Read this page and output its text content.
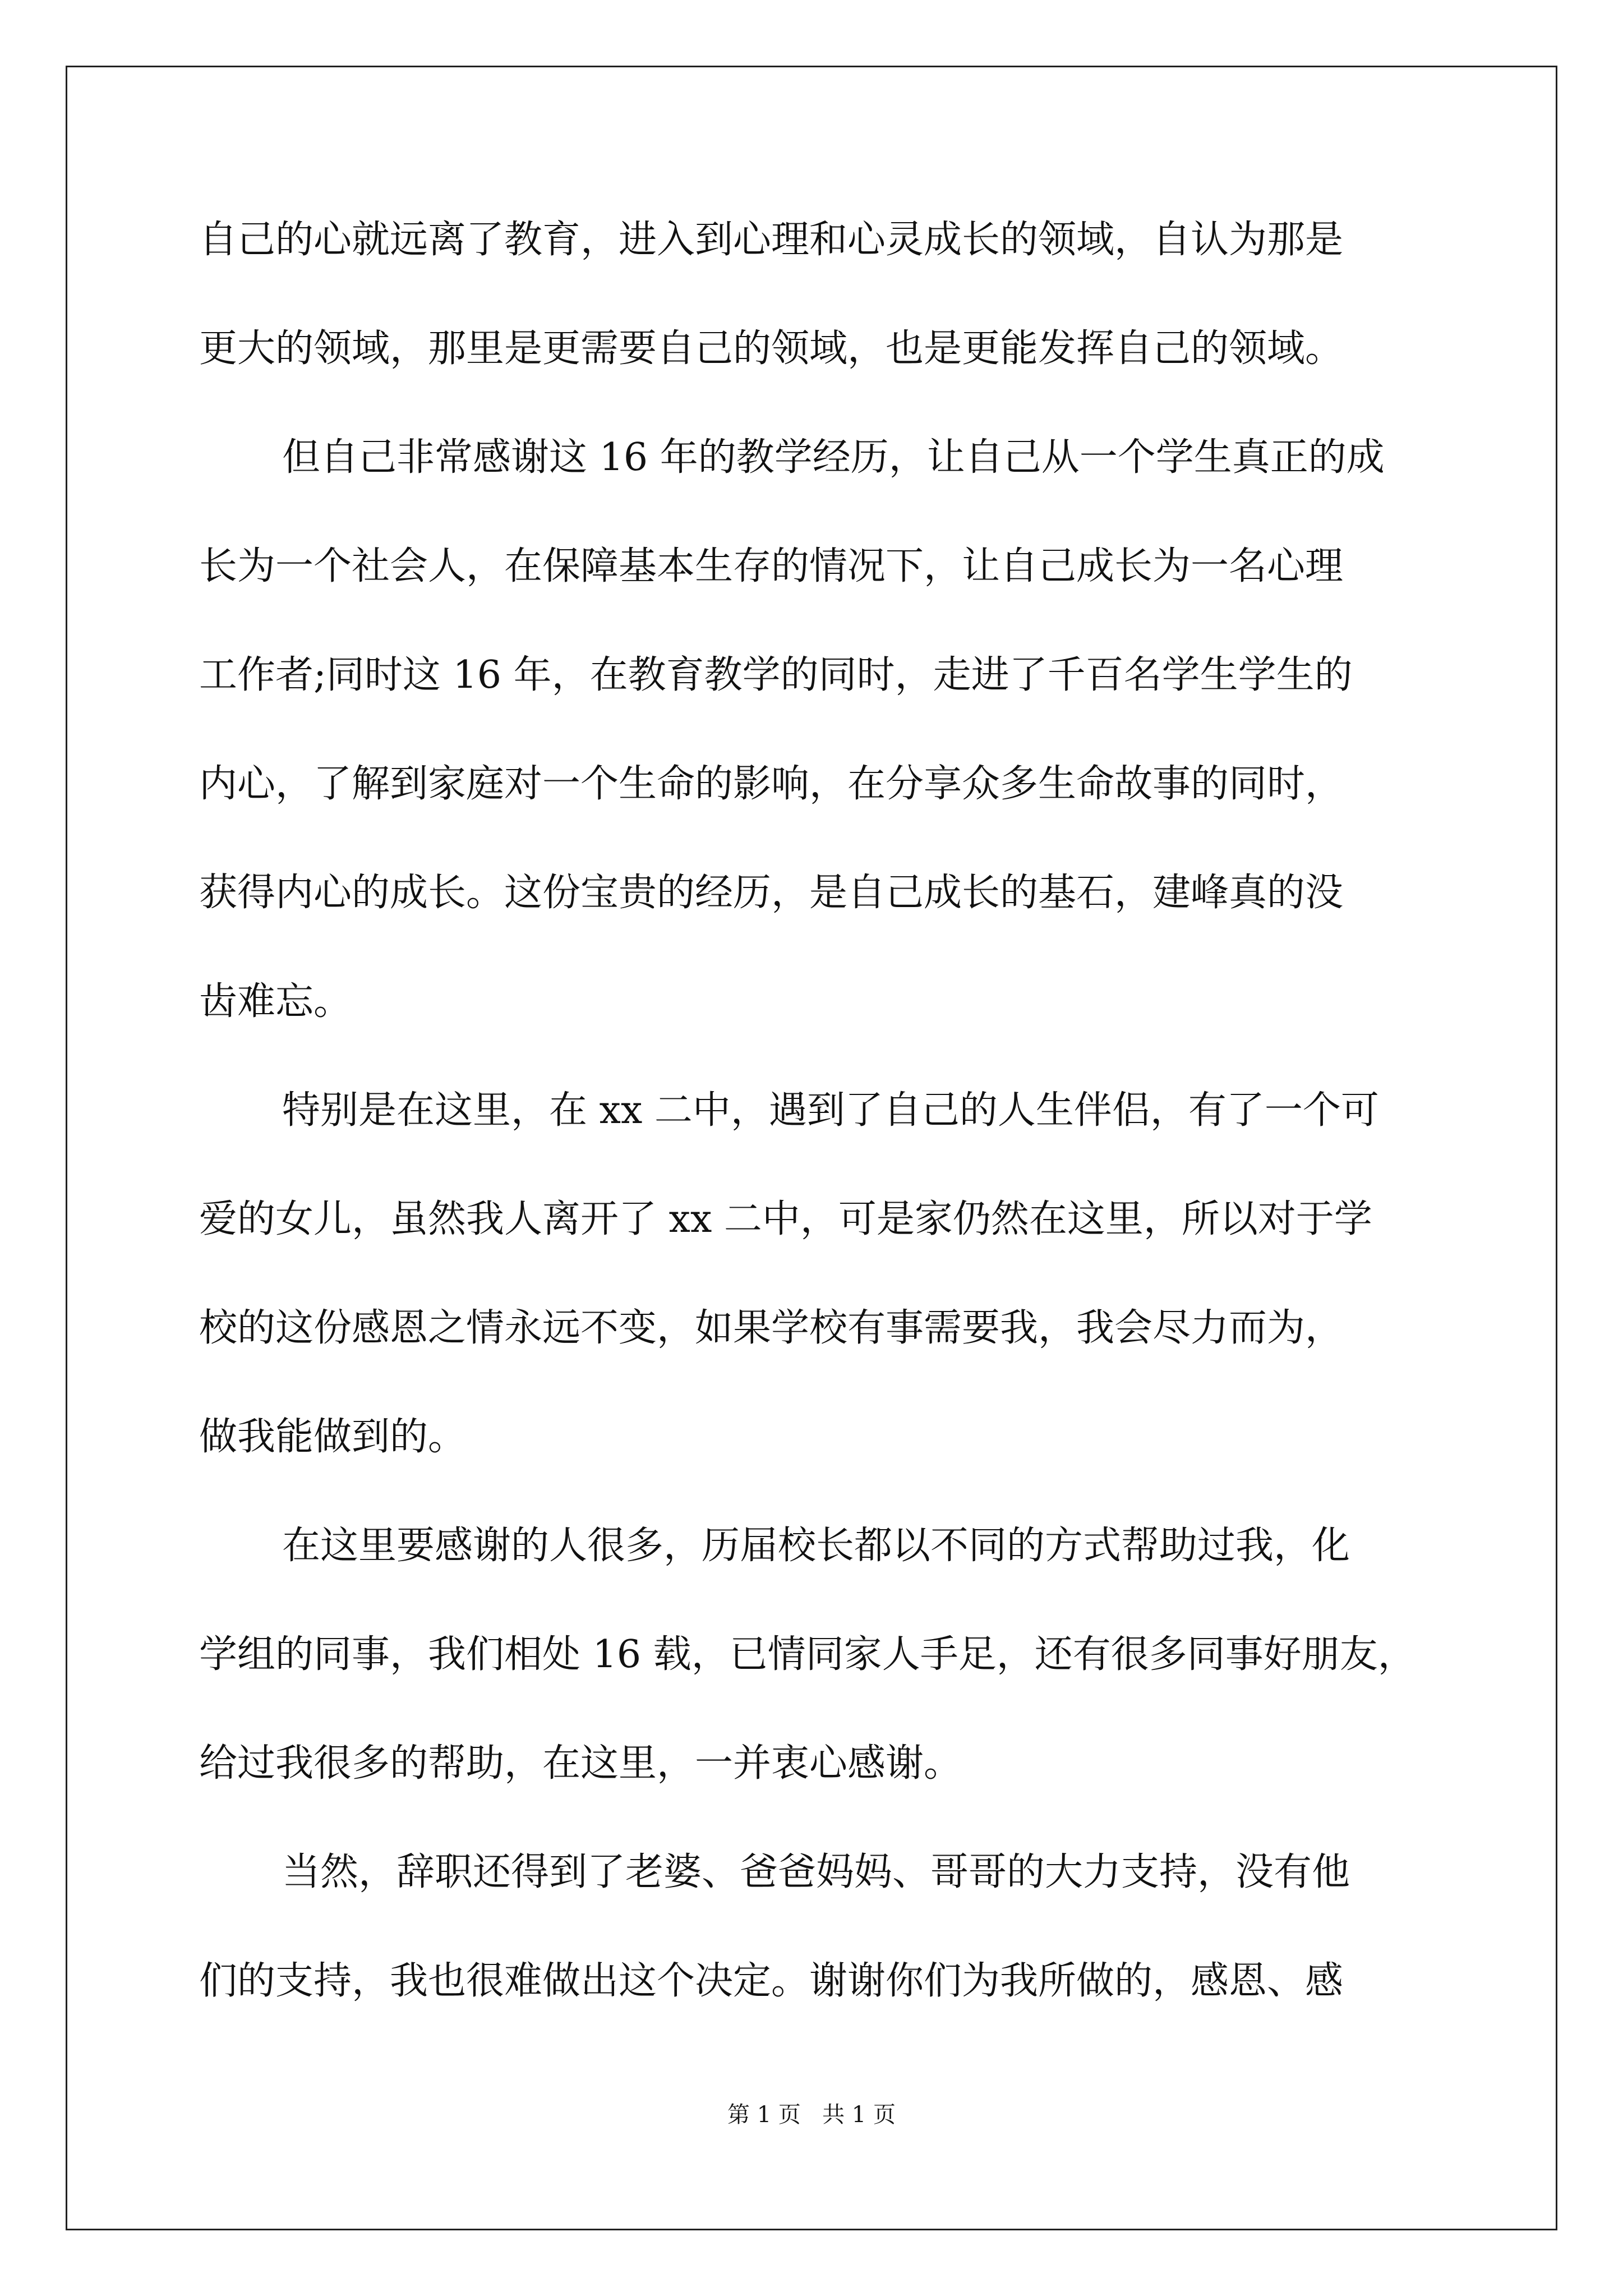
自己的心就远离了教育，进入到心理和心灵成长的领域，自认为那是
更大的领域，那里是更需要自己的领域，也是更能发挥自己的领域。
但自己非常感谢这 16 年的教学经历，让自己从一个学生真正的成
长为一个社会人，在保障基本生存的情况下，让自己成长为一名心理
工作者;同时这 16 年，在教育教学的同时，走进了千百名学生学生的
内心，了解到家庭对一个生命的影响，在分享众多生命故事的同时，
获得内心的成长。这份宝贵的经历，是自己成长的基石，建峰真的没
齿难忘。
特别是在这里，在 xx 二中，遇到了自己的人生伴侣，有了一个可
爱的女儿，虽然我人离开了 xx 二中，可是家仍然在这里，所以对于学
校的这份感恩之情永远不变，如果学校有事需要我，我会尽力而为，
做我能做到的。
在这里要感谢的人很多，历届校长都以不同的方式帮助过我，化
学组的同事，我们相处 16 载，已情同家人手足，还有很多同事好朋友，
给过我很多的帮助，在这里，一并衷心感谢。
当然，辞职还得到了老婆、爸爸妈妈、哥哥的大力支持，没有他
们的支持，我也很难做出这个决定。谢谢你们为我所做的，感恩、感
第 1 页   共 1 页
